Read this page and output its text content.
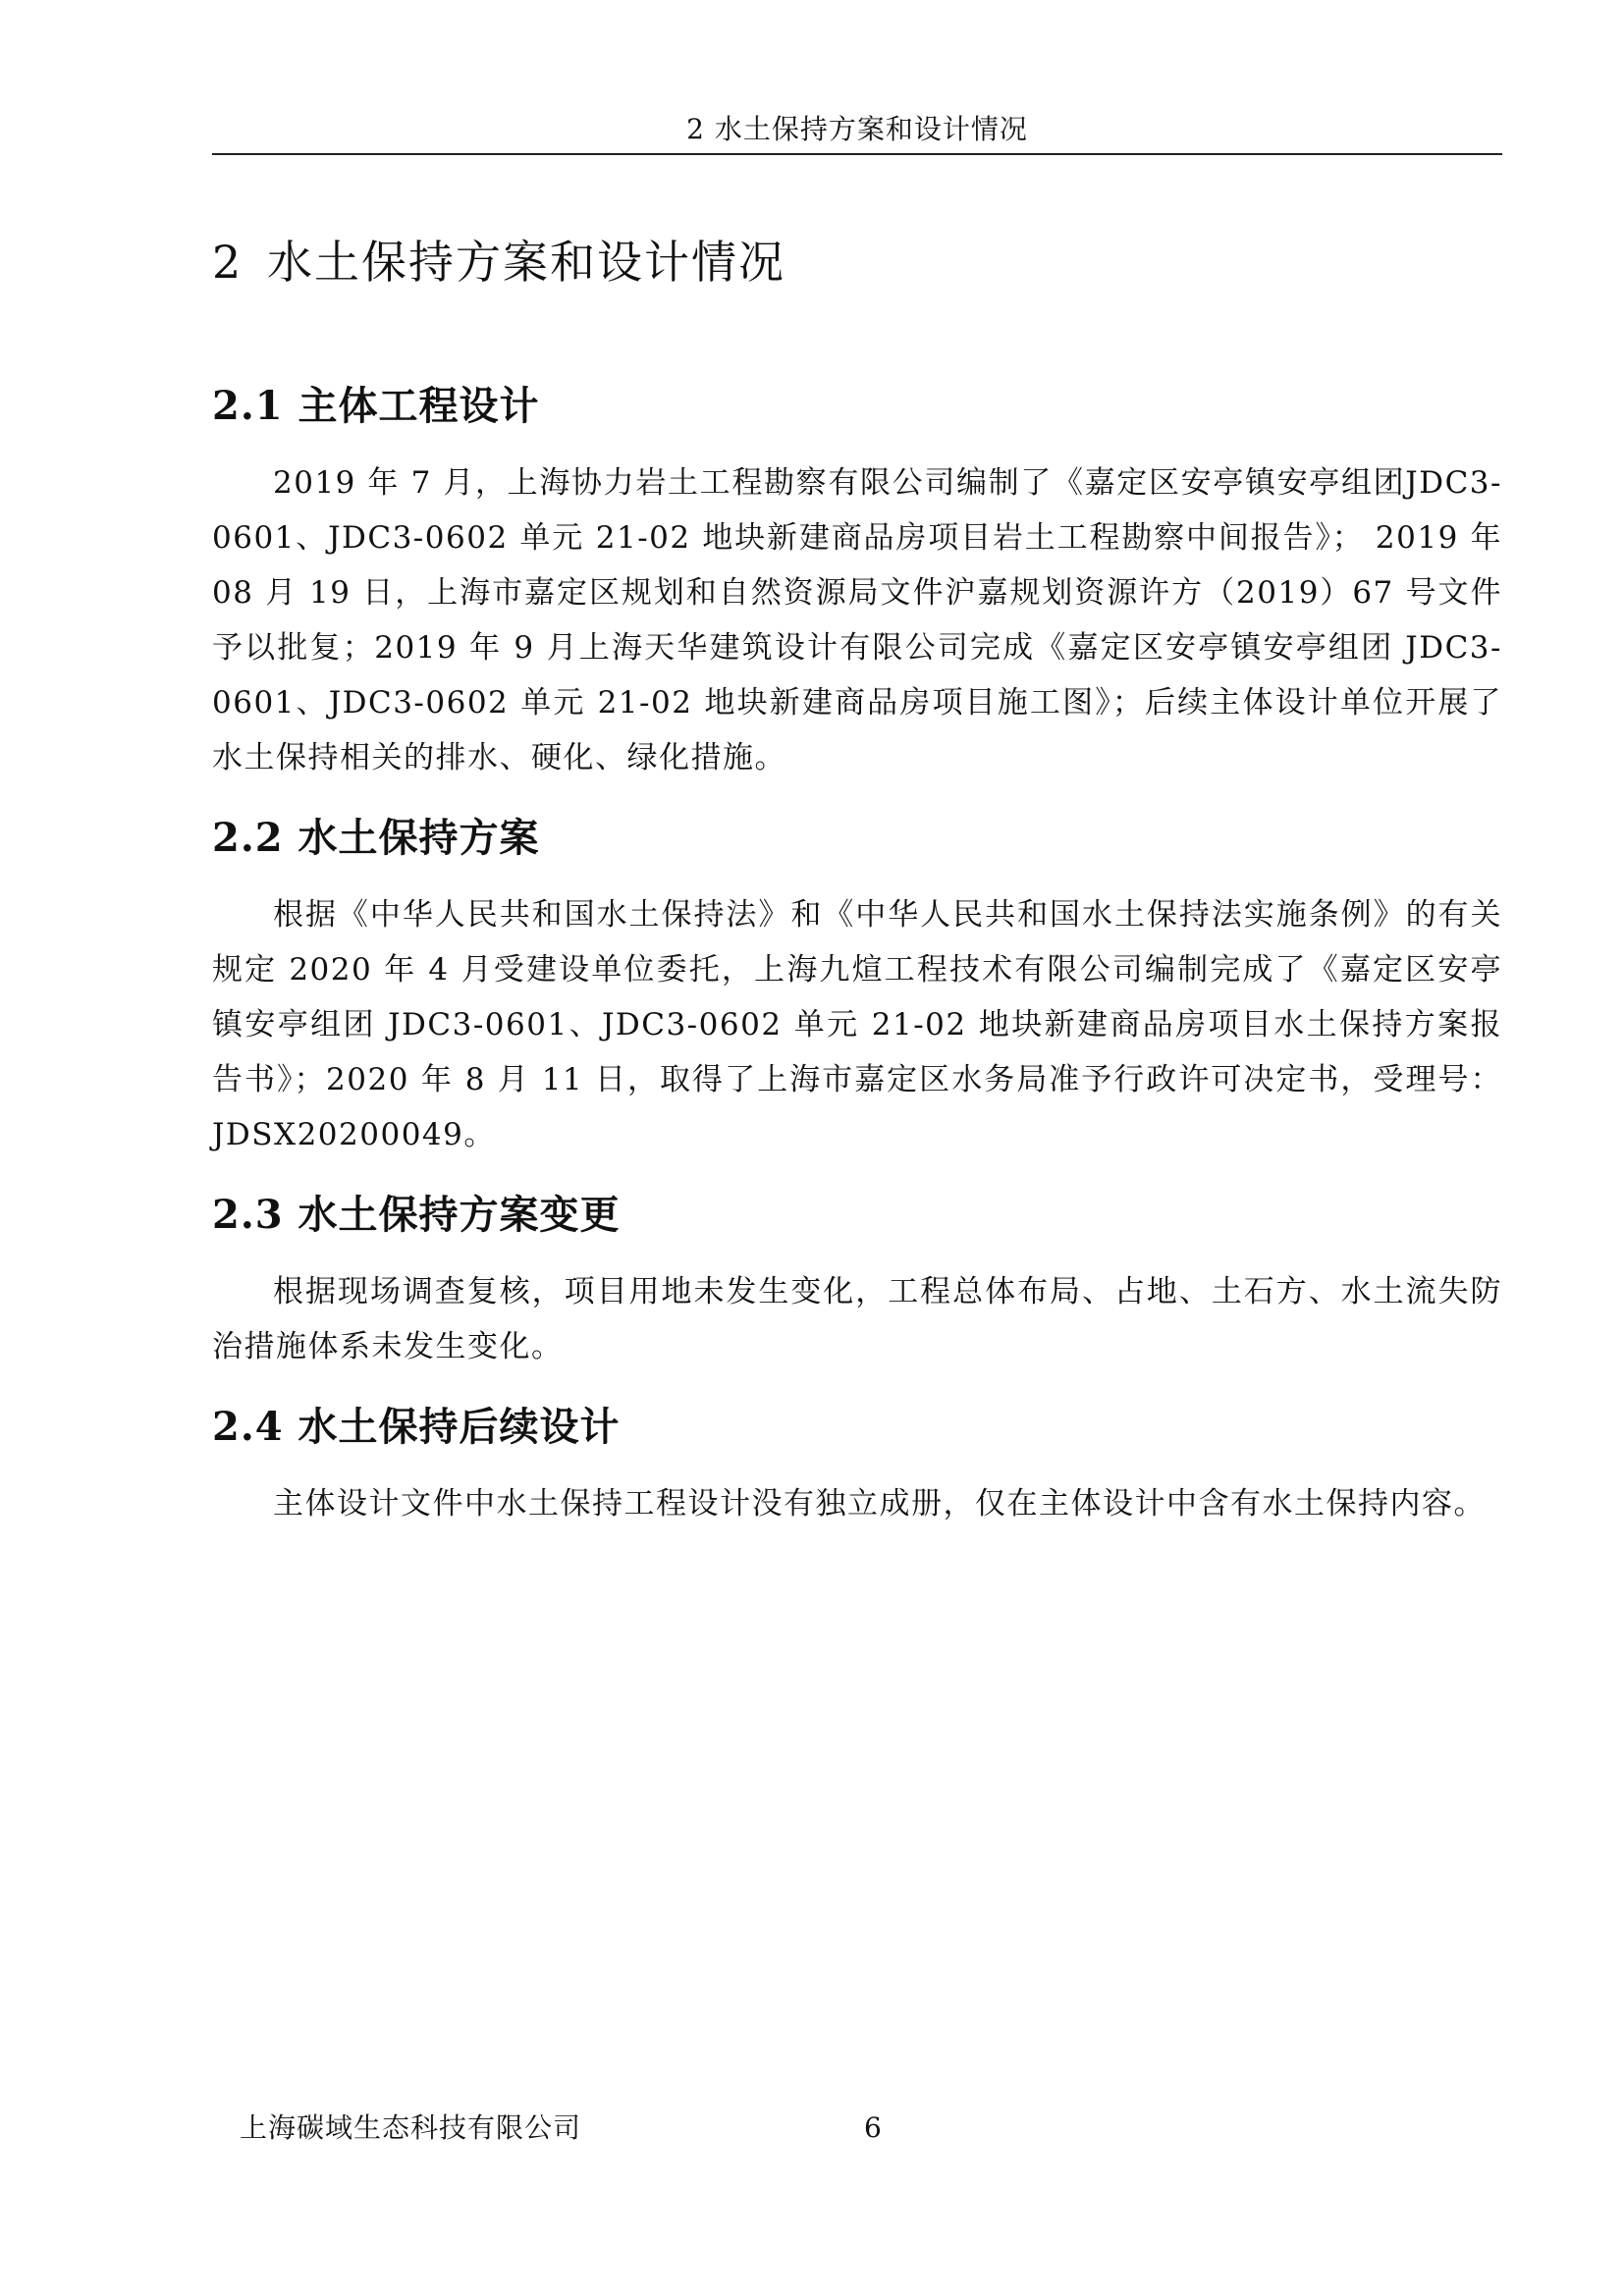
2 水土保持方案和设计情况
2 水土保持方案和设计情况
2.1 主体工程设计

2019 年 7 月，上海协力岩土工程勘察有限公司编制了《嘉定区安亭镇安亭组团JDC3-0601、JDC3-0602 单元 21-02 地块新建商品房项目岩土工程勘察中间报告》； 2019 年 08 月 19 日，上海市嘉定区规划和自然资源局文件沪嘉规划资源许方（2019）67 号文件予以批复；2019 年 9 月上海天华建筑设计有限公司完成《嘉定区安亭镇安亭组团 JDC3-0601、JDC3-0602 单元 21-02 地块新建商品房项目施工图》；后续主体设计单位开展了水土保持相关的排水、硬化、绿化措施。

2.2 水土保持方案

根据《中华人民共和国水土保持法》和《中华人民共和国水土保持法实施条例》的有关规定 2020 年 4 月受建设单位委托，上海九煊工程技术有限公司编制完成了《嘉定区安亭镇安亭组团 JDC3-0601、JDC3-0602 单元 21-02 地块新建商品房项目水土保持方案报告书》；2020 年 8 月 11 日，取得了上海市嘉定区水务局准予行政许可决定书，受理号：JDSX20200049。

2.3 水土保持方案变更

根据现场调查复核，项目用地未发生变化，工程总体布局、占地、土石方、水土流失防治措施体系未发生变化。

2.4 水土保持后续设计

主体设计文件中水土保持工程设计没有独立成册，仅在主体设计中含有水土保持内容。

上海碳域生态科技有限公司	6
